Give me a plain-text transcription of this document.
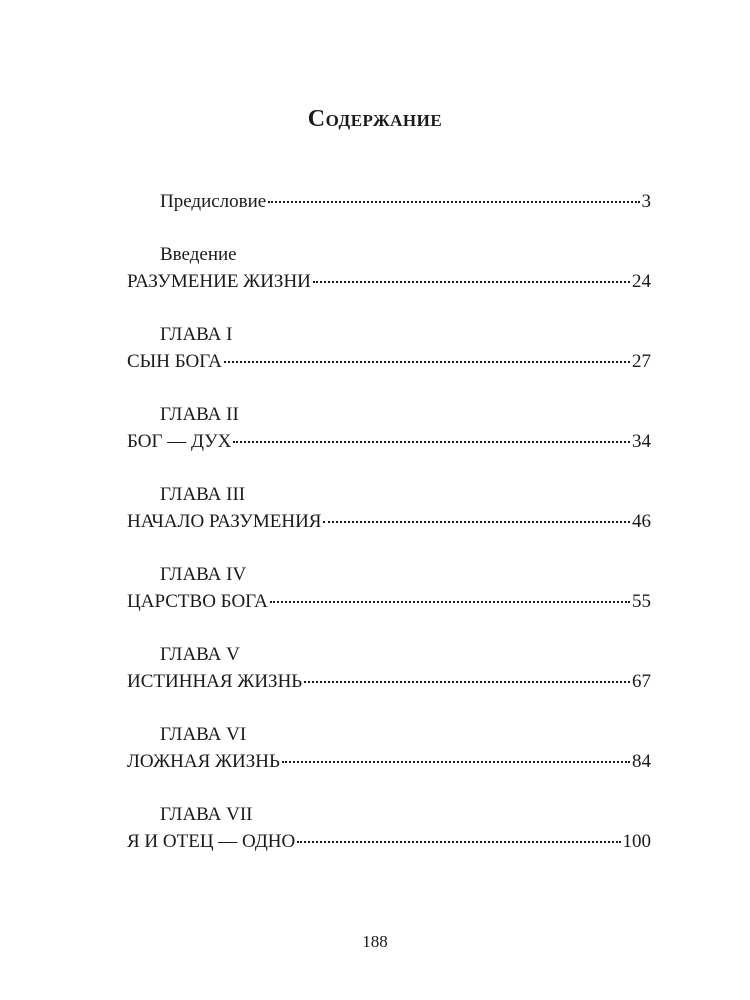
Содержание
Предисловие	3
Введение
РАЗУМЕНИЕ ЖИЗНИ	24
ГЛАВА I
СЫН БОГА	27
ГЛАВА II
БОГ — ДУХ	34
ГЛАВА III
НАЧАЛО РАЗУМЕНИЯ	46
ГЛАВА IV
ЦАРСТВО БОГА	55
ГЛАВА V
ИСТИННАЯ ЖИЗНЬ	67
ГЛАВА VI
ЛОЖНАЯ ЖИЗНЬ	84
ГЛАВА VII
Я И ОТЕЦ — ОДНО	100
188
